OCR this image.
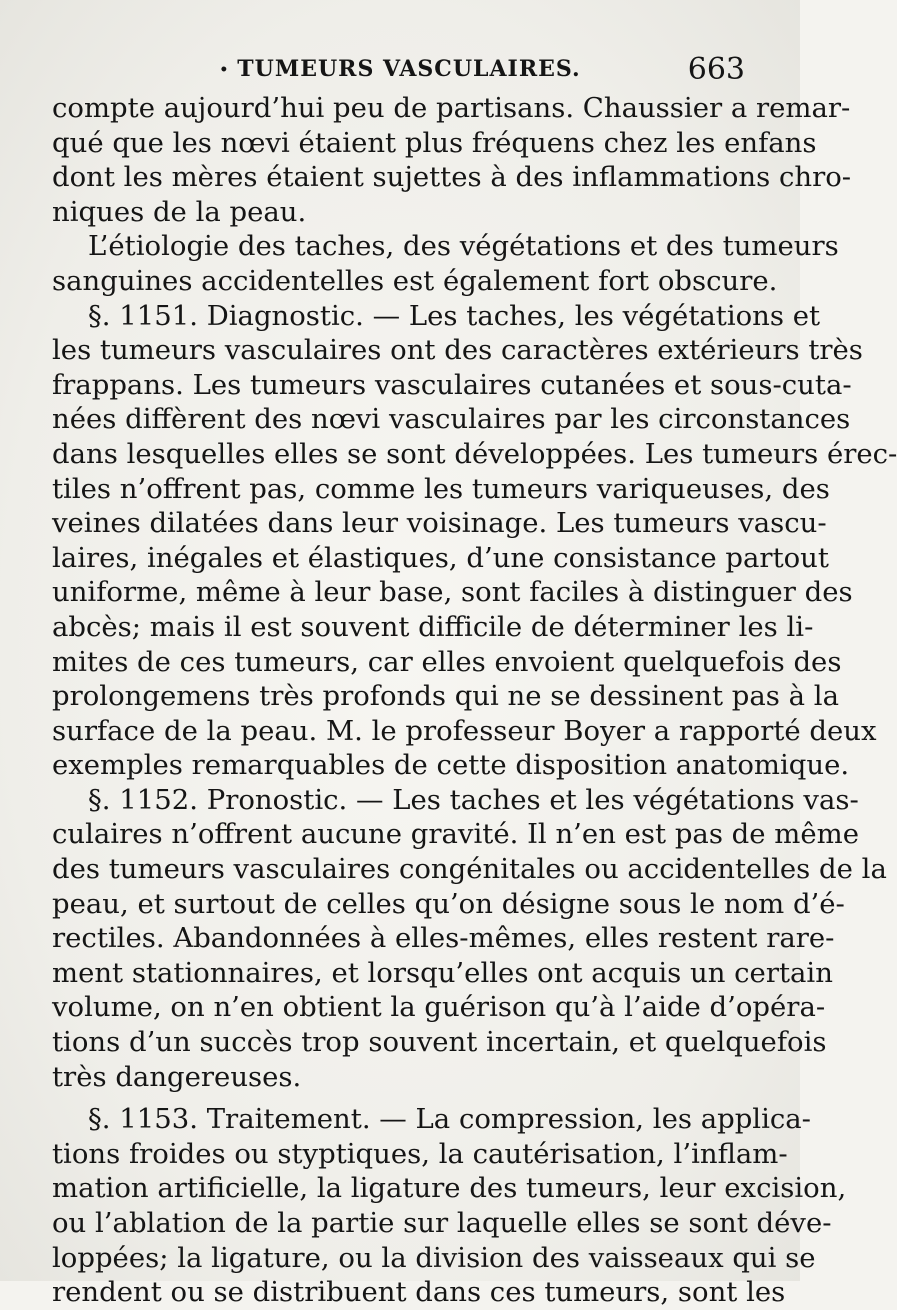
• TUMEURS VASCULAIRES.	663
compte aujourd’hui peu de partisans. Chaussier a remar-
qué que les nœvi étaient plus fréquens chez les enfans
dont les mères étaient sujettes à des inflammations chro-
niques de la peau.
L’étiologie des taches, des végétations et des tumeurs
sanguines accidentelles est également fort obscure.
§. 1151. Diagnostic. — Les taches, les végétations et
les tumeurs vasculaires ont des caractères extérieurs très
frappans. Les tumeurs vasculaires cutanées et sous-cuta-
nées diffèrent des nœvi vasculaires par les circonstances
dans lesquelles elles se sont développées. Les tumeurs érec-
tiles n’offrent pas, comme les tumeurs variqueuses, des
veines dilatées dans leur voisinage. Les tumeurs vascu-
laires, inégales et élastiques, d’une consistance partout
uniforme, même à leur base, sont faciles à distinguer des
abcès; mais il est souvent difficile de déterminer les li-
mites de ces tumeurs, car elles envoient quelquefois des
prolongemens très profonds qui ne se dessinent pas à la
surface de la peau. M. le professeur Boyer a rapporté deux
exemples remarquables de cette disposition anatomique.
§. 1152. Pronostic. — Les taches et les végétations vas-
culaires n’offrent aucune gravité. Il n’en est pas de même
des tumeurs vasculaires congénitales ou accidentelles de la
peau, et surtout de celles qu’on désigne sous le nom d’é-
rectiles. Abandonnées à elles-mêmes, elles restent rare-
ment stationnaires, et lorsqu’elles ont acquis un certain
volume, on n’en obtient la guérison qu’à l’aide d’opéra-
tions d’un succès trop souvent incertain, et quelquefois
très dangereuses.
§. 1153. Traitement. — La compression, les applica-
tions froides ou styptiques, la cautérisation, l’inflam-
mation artificielle, la ligature des tumeurs, leur excision,
ou l’ablation de la partie sur laquelle elles se sont déve-
loppées; la ligature, ou la division des vaisseaux qui se
rendent ou se distribuent dans ces tumeurs, sont les
